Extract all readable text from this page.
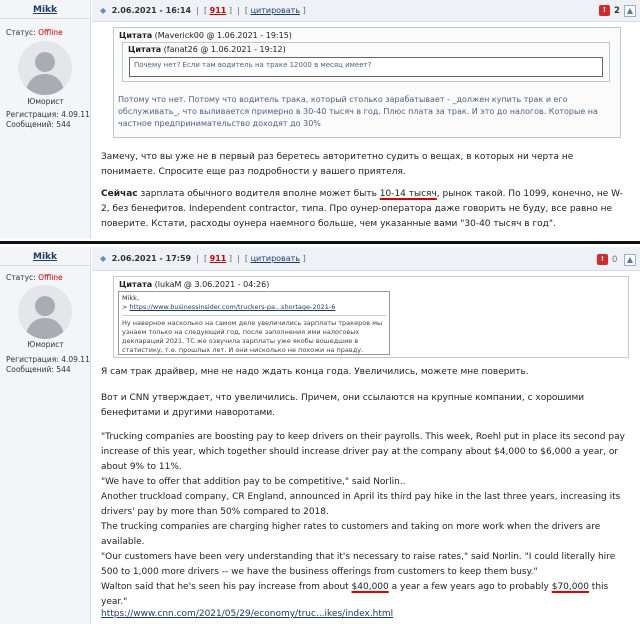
Mikk
Статус: Offline
Юморист
Регистрация: 4.09.11
Сообщений: 544
◆ 2.06.2021 - 16:14  |  [ 911 ]  |  [ цитировать ]	! 2 ▲
Цитата (Maverick00 @ 1.06.2021 - 19:15)
Цитата (fanat26 @ 1.06.2021 - 19:12)
Почему нет? Если там водитель на траке 12000 в месяц имеет?
Потому что нет. Потому что водитель трака, который столько зарабатывает - _должен купить трак и его обслуживать_, что выливается примерно в 30-40 тысяч в год. Плюс плата за трак. И это до налогов. Которые на частное предпринимательство доходят до 30%
Замечу, что вы уже не в первый раз беретесь авторитетно судить о вещах, в которых ни черта не понимаете. Спросите еще раз подробности у вашего приятеля.
Сейчас зарплата обычного водителя вполне может быть 10-14 тысяч, рынок такой. По 1099, конечно, не W-2, без бенефитов. Independent contractor, типа. Про оунер-оператора даже говорить не буду, все равно не поверите. Кстати, расходы оунера наемного больше, чем указанные вами "30-40 тысяч в год".
Mikk
Статус: Offline
Юморист
Регистрация: 4.09.11
Сообщений: 544
◆ 2.06.2021 - 17:59  |  [ 911 ]  |  [ цитировать ]	! 0	▲
Цитата (lukaM @ 3.06.2021 - 04:26)
Mikk,
> https://www.businessinsider.com/truckers-pa...shortage-2021-6
Ну наверное насколько на самом деле увеличились зарплаты тракеров мы узнаем только на следующий год, после заполнения ими налоговых деклараций 2021. ТС же озвучила зарплаты уже якобы вошедшие в статистику, т.е. прошлых лет. И они нисколько не похожи на правду.
Я сам трак драйвер, мне не надо ждать конца года. Увеличились, можете мне поверить.
Вот и CNN утверждает, что увеличились. Причем, они ссылаются на крупные компании, с хорошими бенефитами и другими наворотами.
"Trucking companies are boosting pay to keep drivers on their payrolls. This week, Roehl put in place its second pay increase of this year, which together should increase driver pay at the company about $4,000 to $6,000 a year, or about 9% to 11%.
"We have to offer that addition pay to be competitive," said Norlin..
Another truckload company, CR England, announced in April its third pay hike in the last three years, increasing its drivers' pay by more than 50% compared to 2018.
The trucking companies are charging higher rates to customers and taking on more work when the drivers are available.
"Our customers have been very understanding that it's necessary to raise rates," said Norlin. "I could literally hire 500 to 1,000 more drivers -- we have the business offerings from customers to keep them busy."
Walton said that he's seen his pay increase from about $40,000 a year a few years ago to probably $70,000 this year."
https://www.cnn.com/2021/05/29/economy/truc...ikes/index.html
